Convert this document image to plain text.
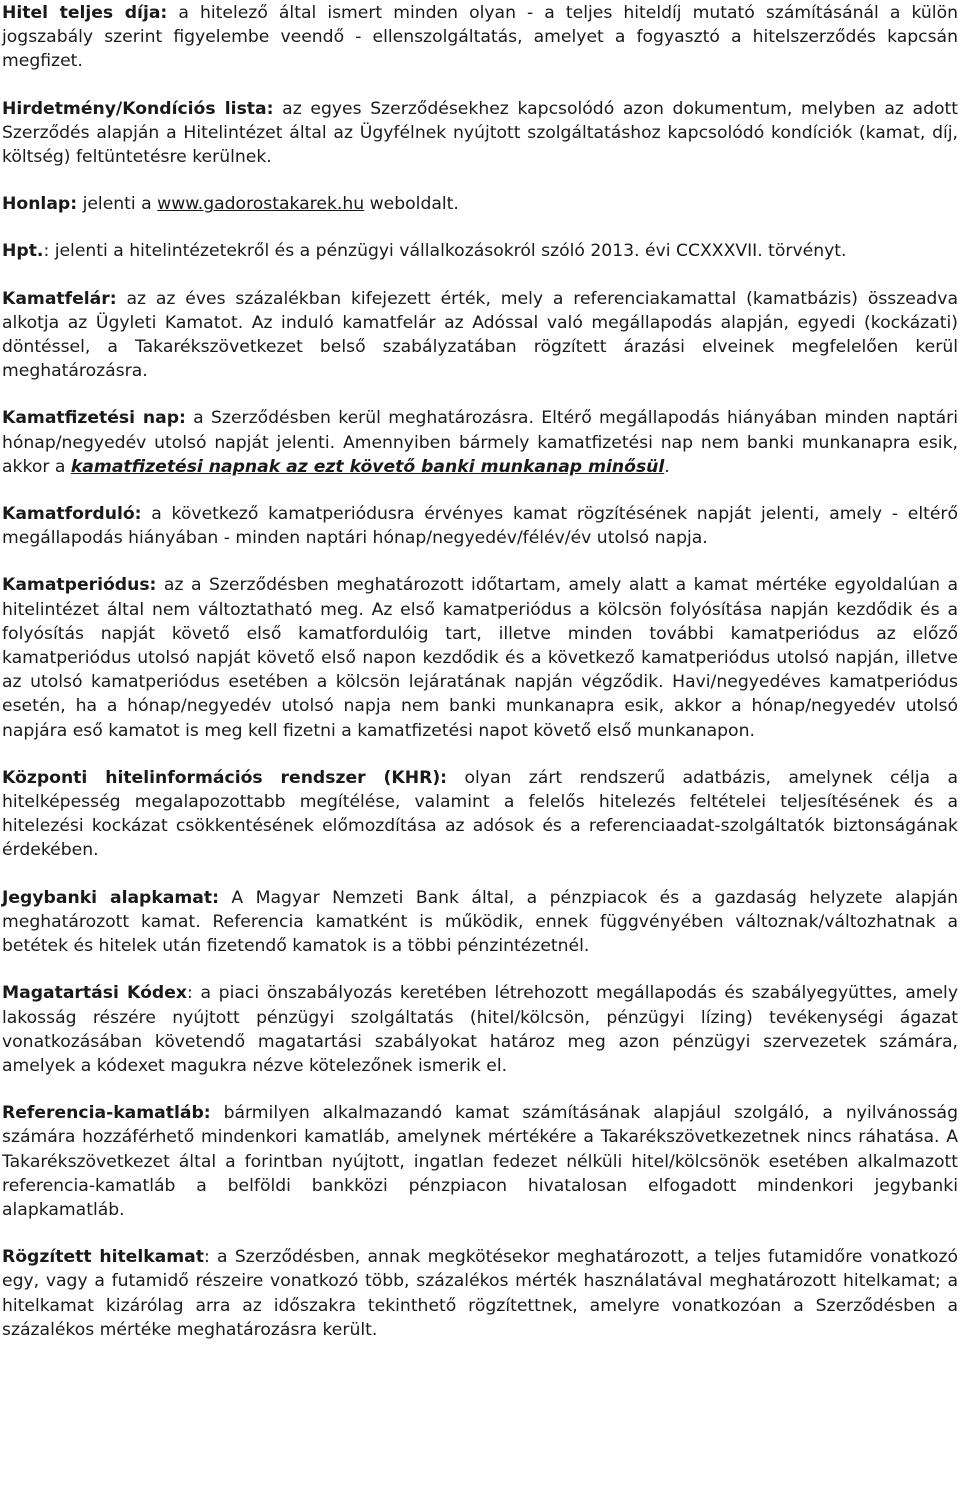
Hitel teljes díja: a hitelező által ismert minden olyan - a teljes hiteldíj mutató számításánál a külön jogszabály szerint figyelembe veendő - ellenszolgáltatás, amelyet a fogyasztó a hitelszerződés kapcsán megfizet.

Hirdetmény/Kondíciós lista: az egyes Szerződésekhez kapcsolódó azon dokumentum, melyben az adott Szerződés alapján a Hitelintézet által az Ügyfélnek nyújtott szolgáltatáshoz kapcsolódó kondíciók (kamat, díj, költség) feltüntetésre kerülnek.

Honlap: jelenti a www.gadorostakarek.hu weboldalt.

Hpt.: jelenti a hitelintézetekről és a pénzügyi vállalkozásokról szóló 2013. évi CCXXXVII. törvényt.

Kamatfelár: az az éves százalékban kifejezett érték, mely a referenciakamattal (kamatbázis) összeadva alkotja az Ügyleti Kamatot. Az induló kamatfelár az Adóssal való megállapodás alapján, egyedi (kockázati) döntéssel, a Takarékszövetkezet belső szabályzatában rögzített árazási elveinek megfelelően kerül meghatározásra.

Kamatfizetési nap: a Szerződésben kerül meghatározásra. Eltérő megállapodás hiányában minden naptári hónap/negyedév utolsó napját jelenti. Amennyiben bármely kamatfizetési nap nem banki munkanapra esik, akkor a kamatfizetési napnak az ezt követő banki munkanap minősül.

Kamatforduló: a következő kamatperiódusra érvényes kamat rögzítésének napját jelenti, amely - eltérő megállapodás hiányában - minden naptári hónap/negyedév/félév/év utolsó napja.

Kamatperiódus: az a Szerződésben meghatározott időtartam, amely alatt a kamat mértéke egyoldalúan a hitelintézet által nem változtatható meg. Az első kamatperiódus a kölcsön folyósítása napján kezdődik és a folyósítás napját követő első kamatfordulóig tart, illetve minden további kamatperiódus az előző kamatperiódus utolsó napját követő első napon kezdődik és a következő kamatperiódus utolsó napján, illetve az utolsó kamatperiódus esetében a kölcsön lejáratának napján végződik. Havi/negyedéves kamatperiódus esetén, ha a hónap/negyedév utolsó napja nem banki munkanapra esik, akkor a hónap/negyedév utolsó napjára eső kamatot is meg kell fizetni a kamatfizetési napot követő első munkanapon.

Központi hitelinformációs rendszer (KHR): olyan zárt rendszerű adatbázis, amelynek célja a hitelképesség megalapozottabb megítélése, valamint a felelős hitelezés feltételei teljesítésének és a hitelezési kockázat csökkentésének előmozdítása az adósok és a referenciaadat-szolgáltatók biztonságának érdekében.

Jegybanki alapkamat: A Magyar Nemzeti Bank által, a pénzpiacok és a gazdaság helyzete alapján meghatározott kamat. Referencia kamatként is működik, ennek függvényében változnak/változhatnak a betétek és hitelek után fizetendő kamatok is a többi pénzintézetnél.

Magatartási Kódex: a piaci önszabályozás keretében létrehozott megállapodás és szabályegyüttes, amely lakosság részére nyújtott pénzügyi szolgáltatás (hitel/kölcsön, pénzügyi lízing) tevékenységi ágazat vonatkozásában követendő magatartási szabályokat határoz meg azon pénzügyi szervezetek számára, amelyek a kódexet magukra nézve kötelezőnek ismerik el.

Referencia-kamatláb: bármilyen alkalmazandó kamat számításának alapjául szolgáló, a nyilvánosság számára hozzáférhető mindenkori kamatláb, amelynek mértékére a Takarékszövetkezetnek nincs ráhatása. A Takarékszövetkezet által a forintban nyújtott, ingatlan fedezet nélküli hitel/kölcsönök esetében alkalmazott referencia-kamatláb a belföldi bankközi pénzpiacon hivatalosan elfogadott mindenkori jegybanki alapkamatláb.

Rögzített hitelkamat: a Szerződésben, annak megkötésekor meghatározott, a teljes futamidőre vonatkozó egy, vagy a futamidő részeire vonatkozó több, százalékos mérték használatával meghatározott hitelkamat; a hitelkamat kizárólag arra az időszakra tekinthető rögzítettnek, amelyre vonatkozóan a Szerződésben a százalékos mértéke meghatározásra került.
